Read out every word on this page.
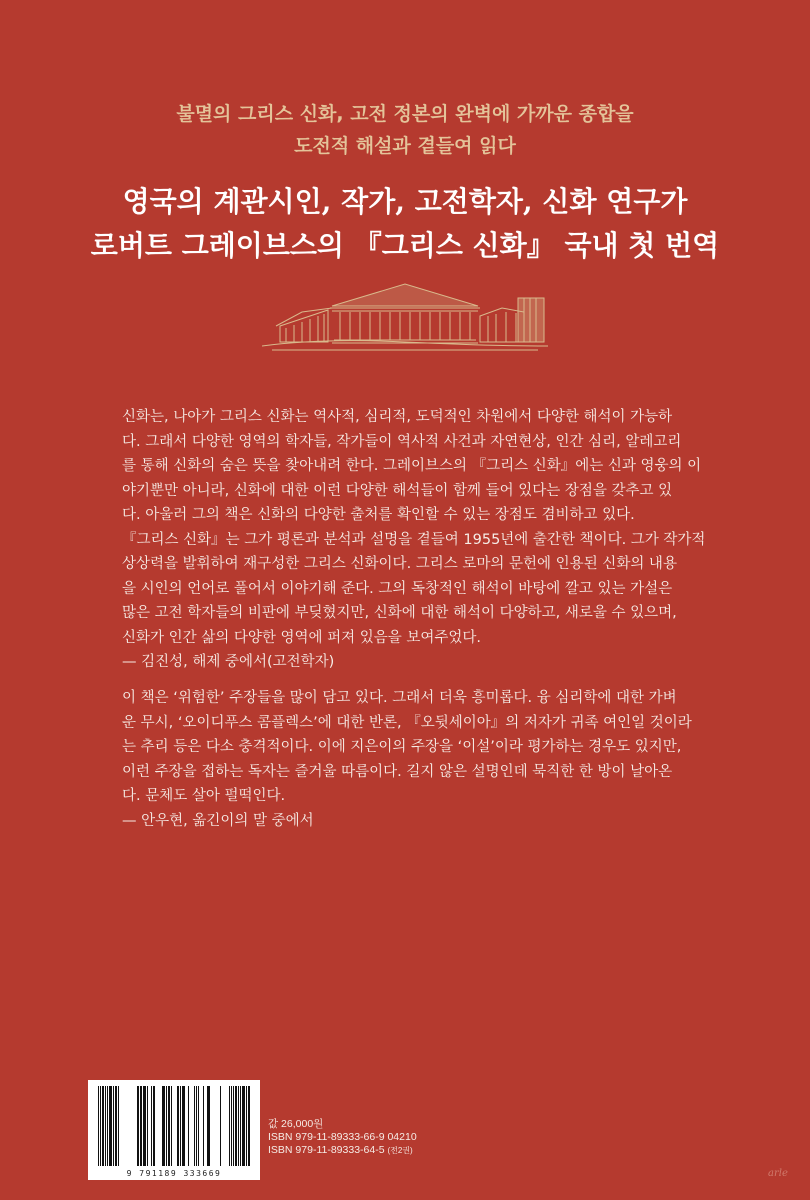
불멸의 그리스 신화, 고전 정본의 완벽에 가까운 종합을
도전적 해설과 곁들여 읽다
영국의 계관시인, 작가, 고전학자, 신화 연구가
로버트 그레이브스의 『그리스 신화』 국내 첫 번역
신화는, 나아가 그리스 신화는 역사적, 심리적, 도덕적인 차원에서 다양한 해석이 가능하
다. 그래서 다양한 영역의 학자들, 작가들이 역사적 사건과 자연현상, 인간 심리, 알레고리
를 통해 신화의 숨은 뜻을 찾아내려 한다. 그레이브스의 『그리스 신화』에는 신과 영웅의 이
야기뿐만 아니라, 신화에 대한 이런 다양한 해석들이 함께 들어 있다는 장점을 갖추고 있
다. 아울러 그의 책은 신화의 다양한 출처를 확인할 수 있는 장점도 겸비하고 있다.
『그리스 신화』는 그가 평론과 분석과 설명을 곁들여 1955년에 출간한 책이다. 그가 작가적
상상력을 발휘하여 재구성한 그리스 신화이다. 그리스 로마의 문헌에 인용된 신화의 내용
을 시인의 언어로 풀어서 이야기해 준다. 그의 독창적인 해석이 바탕에 깔고 있는 가설은
많은 고전 학자들의 비판에 부딪혔지만, 신화에 대한 해석이 다양하고, 새로울 수 있으며,
신화가 인간 삶의 다양한 영역에 퍼져 있음을 보여주었다.
— 김진성, 해제 중에서(고전학자)
이 책은 ‘위험한’ 주장들을 많이 담고 있다. 그래서 더욱 흥미롭다. 융 심리학에 대한 가벼
운 무시, ‘오이디푸스 콤플렉스’에 대한 반론, 『오뒷세이아』의 저자가 귀족 여인일 것이라
는 추리 등은 다소 충격적이다. 이에 지은이의 주장을 ‘이설’이라 평가하는 경우도 있지만,
이런 주장을 접하는 독자는 즐거울 따름이다. 길지 않은 설명인데 묵직한 한 방이 날아온
다. 문체도 살아 펄떡인다.
— 안우현, 옮긴이의 말 중에서
9 791189 333669
값 26,000원
ISBN 979-11-89333-66-9 04210
ISBN 979-11-89333-64-5 (전2권)
arle
